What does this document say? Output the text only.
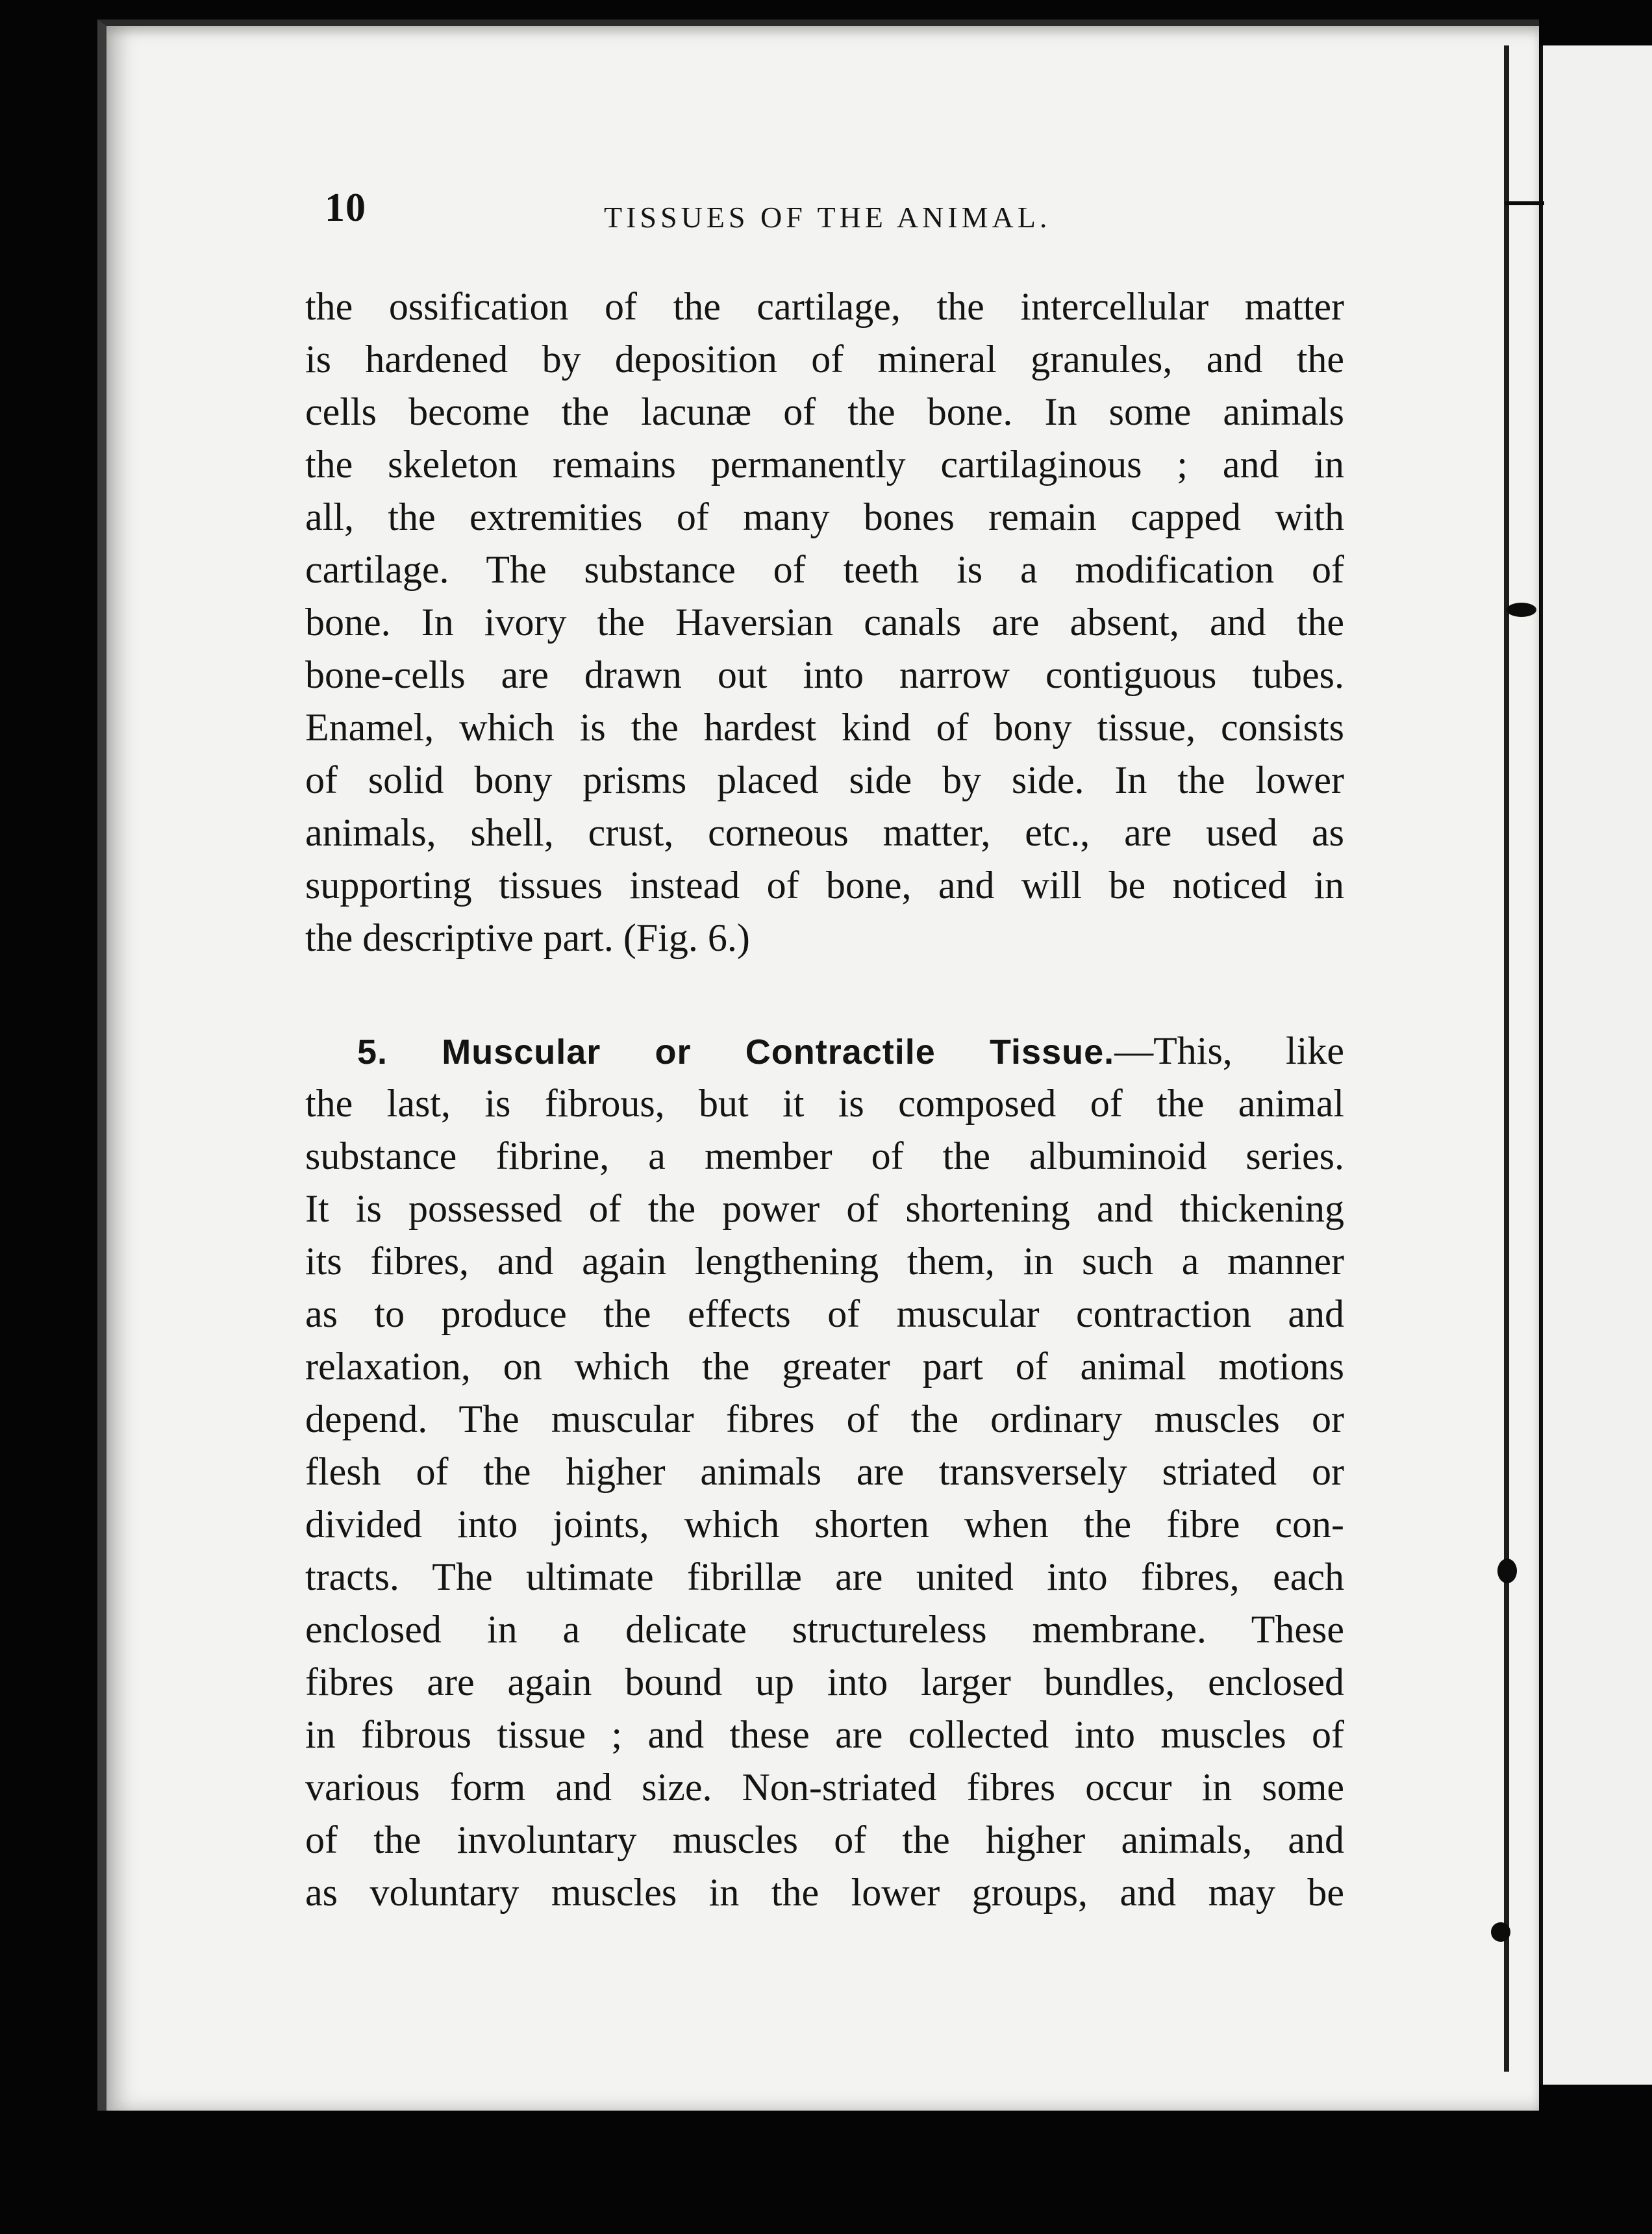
10	TISSUES OF THE ANIMAL.
the ossification of the cartilage, the intercellular matter
is hardened by deposition of mineral granules, and the
cells become the lacunæ of the bone. In some animals
the skeleton remains permanently cartilaginous ; and in
all, the extremities of many bones remain capped with
cartilage. The substance of teeth is a modification of
bone. In ivory the Haversian canals are absent, and the
bone-cells are drawn out into narrow contiguous tubes.
Enamel, which is the hardest kind of bony tissue, consists
of solid bony prisms placed side by side. In the lower
animals, shell, crust, corneous matter, etc., are used as
supporting tissues instead of bone, and will be noticed in
the descriptive part. (Fig. 6.)
5. Muscular or Contractile Tissue.—This, like
the last, is fibrous, but it is composed of the animal
substance fibrine, a member of the albuminoid series.
It is possessed of the power of shortening and thickening
its fibres, and again lengthening them, in such a manner
as to produce the effects of muscular contraction and
relaxation, on which the greater part of animal motions
depend. The muscular fibres of the ordinary muscles or
flesh of the higher animals are transversely striated or
divided into joints, which shorten when the fibre con-
tracts. The ultimate fibrillæ are united into fibres, each
enclosed in a delicate structureless membrane. These
fibres are again bound up into larger bundles, enclosed
in fibrous tissue ; and these are collected into muscles of
various form and size. Non-striated fibres occur in some
of the involuntary muscles of the higher animals, and
as voluntary muscles in the lower groups, and may be
